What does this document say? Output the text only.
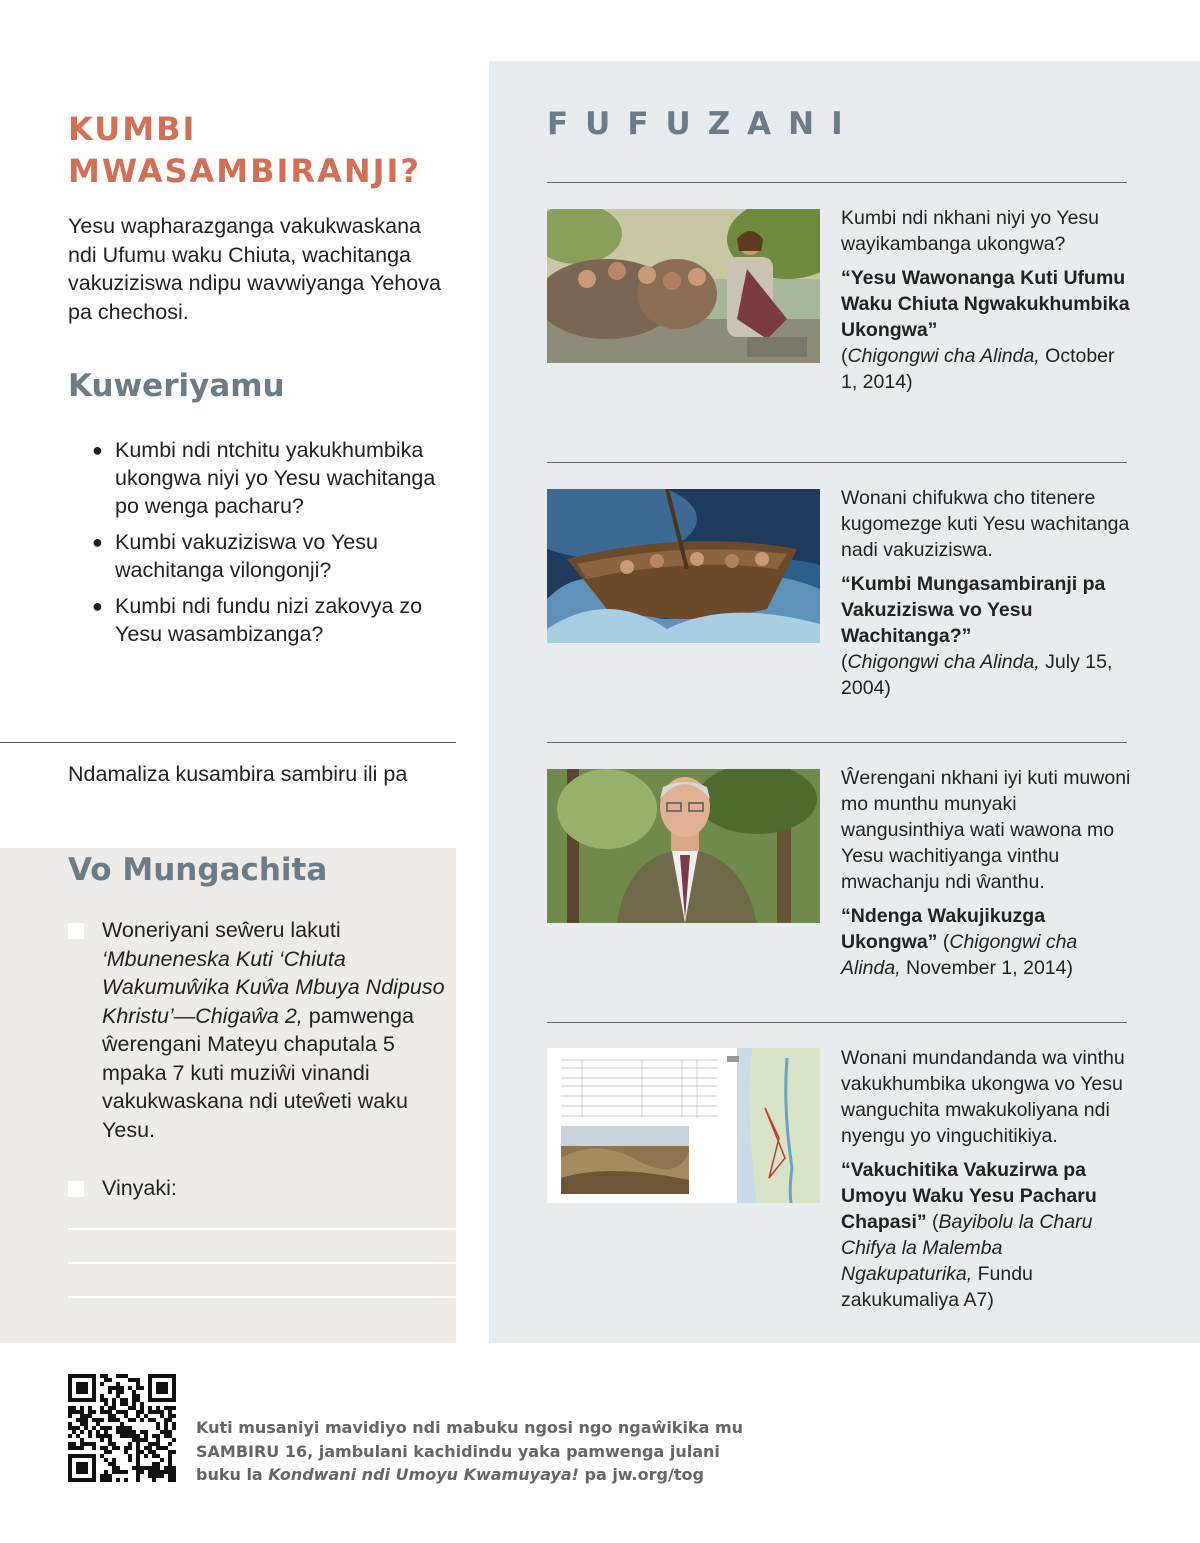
KUMBI MWASAMBIRANJI?

Yesu wapharazganga vakukwaskana ndi Ufumu waku Chiuta, wachitanga vakuziziswa ndipu wavwiyanga Yehova pa chechosi.

Kuweriyamu
● Kumbi ndi ntchitu yakukhumbika ukongwa niyi yo Yesu wachitanga po wenga pacharu?
● Kumbi vakuziziswa vo Yesu wachitanga vilongonji?
● Kumbi ndi fundu nizi zakovya zo Yesu wasambizanga?

Ndamaliza kusambira sambiru ili pa

Vo Mungachita
Woneriyani seŵeru lakuti ‘Mbuneneska Kuti ‘Chiuta Wakumuŵika Kuŵa Mbuya Ndipuso Khristu’—Chigaŵa 2, pamwenga ŵerengani Mateyu chaputala 5 mpaka 7 kuti muziŵi vinandi vakukwaskana ndi uteŵeti waku Yesu.
Vinyaki:
FUFUZANI

Kumbi ndi nkhani niyi yo Yesu wayikambanga ukongwa?

“Yesu Wawonanga Kuti Ufumu Waku Chiuta Ngwakukhumbika Ukongwa”

(Chigongwi cha Alinda, October 1, 2014)

Wonani chifukwa cho titenere kugomezge kuti Yesu wachitanga nadi vakuziziswa.

“Kumbi Mungasambiranji pa Vakuziziswa vo Yesu Wachitanga?”

(Chigongwi cha Alinda, July 15, 2004)

Ŵerengani nkhani iyi kuti muwoni mo munthu munyaki wangusinthiya wati wawona mo Yesu wachitiyanga vinthu mwachanju ndi ŵanthu.

“Ndenga Wakujikuzga Ukongwa” (Chigongwi cha Alinda, November 1, 2014)

Wonani mundandanda wa vinthu vakukhumbika ukongwa vo Yesu wanguchita mwakukoliyana ndi nyengu yo vinguchitikiya.

“Vakuchitika Vakuzirwa pa Umoyu Waku Yesu Pacharu Chapasi” (Bayibolu la Charu Chifya la Malemba Ngakupaturika, Fundu zakukumaliya A7)

Kuti musaniyi mavidiyo ndi mabuku ngosi ngo ngaŵikika mu SAMBIRU 16, jambulani kachidindu yaka pamwenga julani buku la Kondwani ndi Umoyu Kwamuyaya! pa jw.org/tog
